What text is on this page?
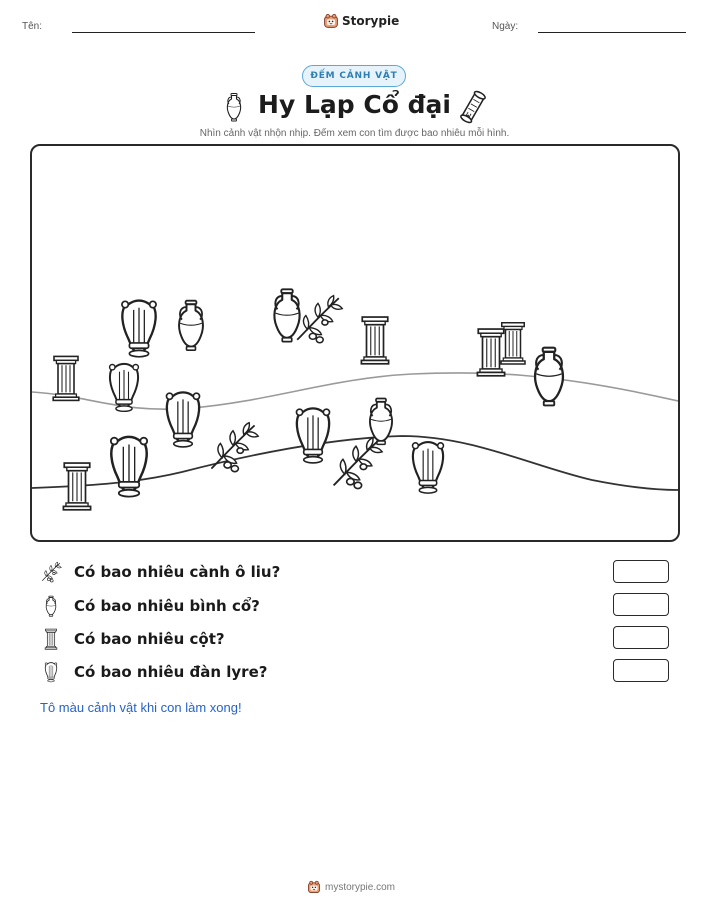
Tên:	Storypie	Ngày:
ĐẾM CẢNH VẬT
Hy Lạp Cổ đại
Nhìn cảnh vật nhộn nhịp. Đếm xem con tìm được bao nhiêu mỗi hình.
Có bao nhiêu cành ô liu?
Có bao nhiêu bình cổ?
Có bao nhiêu cột?
Có bao nhiêu đàn lyre?
Tô màu cảnh vật khi con làm xong!
mystorypie.com
